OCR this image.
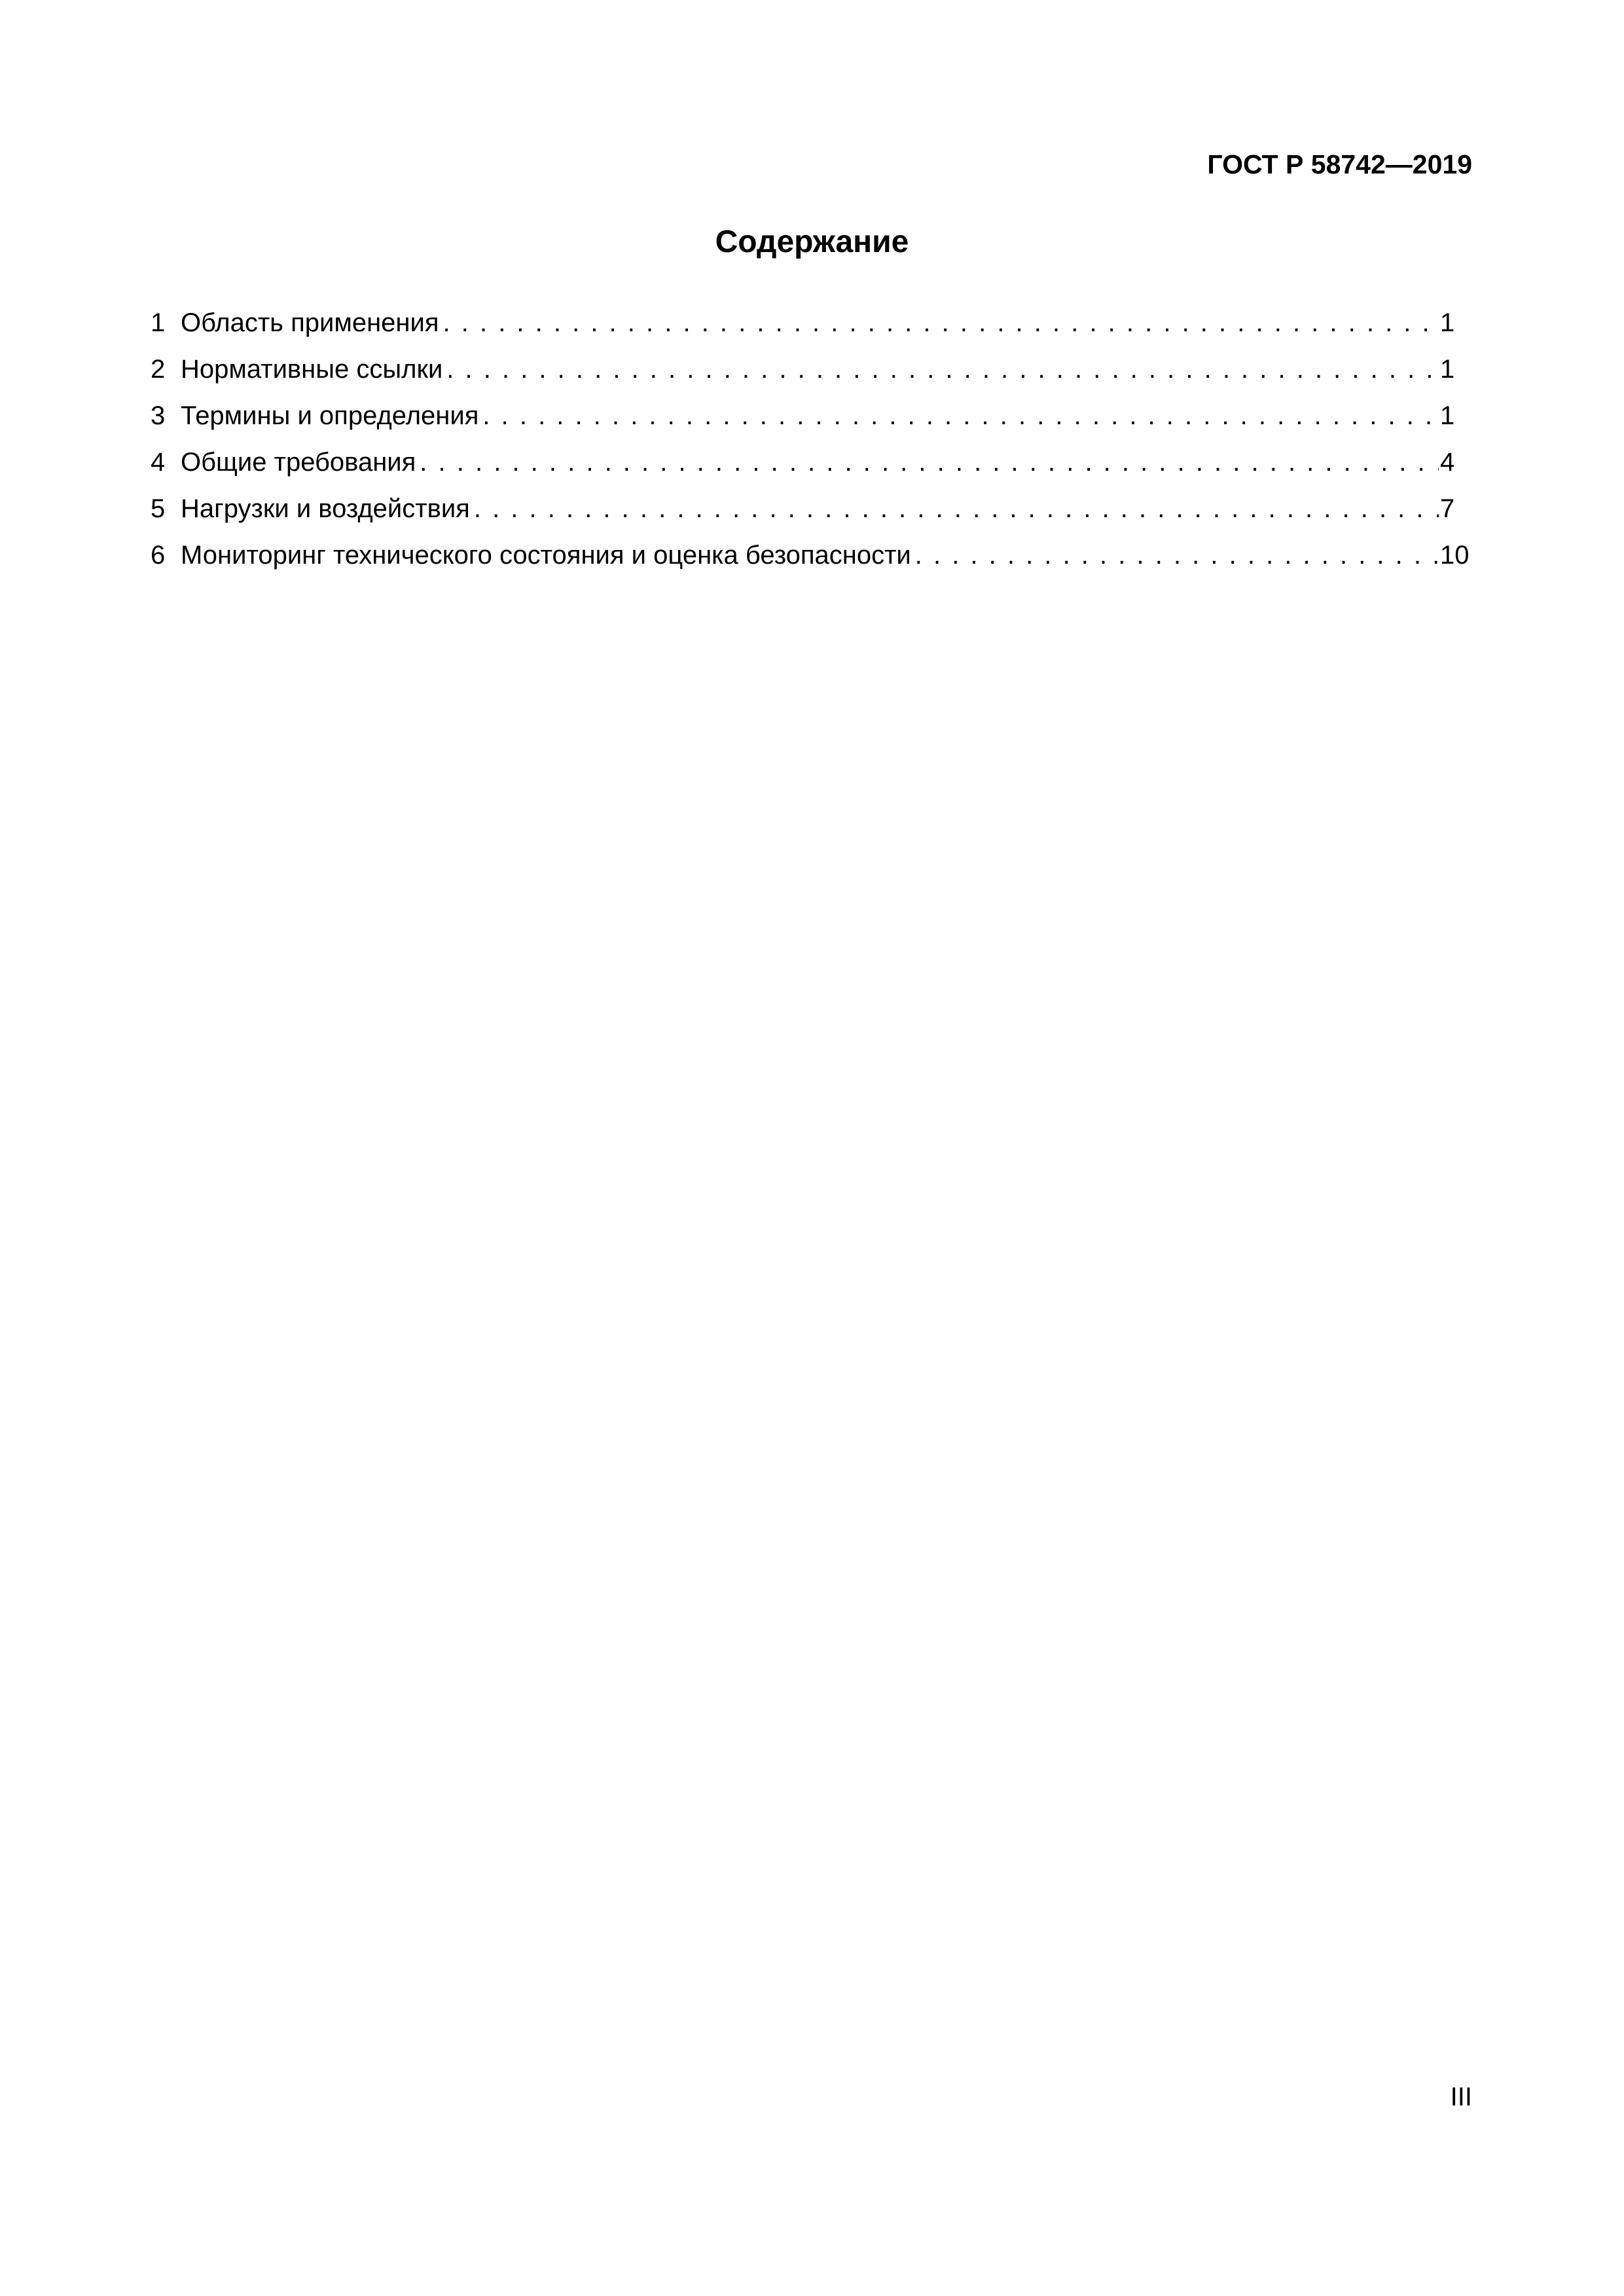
ГОСТ Р 58742—2019
Содержание
1 Область применения . . .	1
2 Нормативные ссылки . . .	1
3 Термины и определения . . .	1
4 Общие требования . . .	4
5 Нагрузки и воздействия . . .	7
6 Мониторинг технического состояния и оценка безопасности . . .	10
III
